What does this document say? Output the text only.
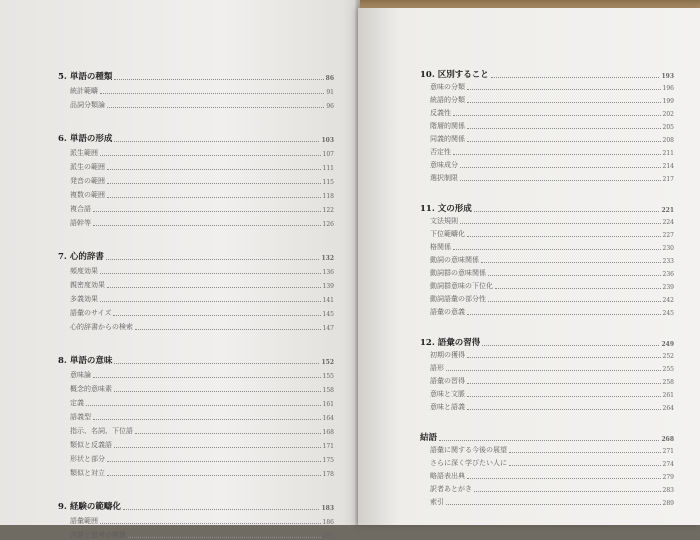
5. 単語の種類	86
統計範疇	91
品詞分類論	96
6. 単語の形成	103
派生範囲	107
派生の範囲	111
発音の範囲	115
複数の範囲	118
複合語	122
語幹等	126
7. 心的辞書	132
頻度効果	136
親密度効果	139
多義効果	141
語彙のサイズ	145
心的辞書からの検索	147
8. 単語の意味	152
意味論	155
概念的意味素	158
定義	161
語義型	164
指示、名詞、下位語	168
類似と反義語	171
形状と部分	175
類似と対立	178
9. 経験の範疇化	183
語彙範囲	186
言語と思考の関係	189
10. 区別すること	193
意味の分類	196
統語的分類	199
反義性	202
階層的関係	205
同義的関係	208
否定性	211
意味成分	214
選択制限	217
11. 文の形成	221
文法規則	224
下位範疇化	227
格関係	230
動詞の意味関係	233
動詞群の意味関係	236
動詞群意味の下位化	239
動詞語彙の部分性	242
語彙の意義	245
12. 語彙の習得	249
初期の獲得	252
語形	255
語彙の習得	258
意味と文脈	261
意味と語義	264
結語	268
語彙に関する今後の展望	271
さらに深く学びたい人に	274
略語表出典	279
訳者あとがき	283
索引	289
